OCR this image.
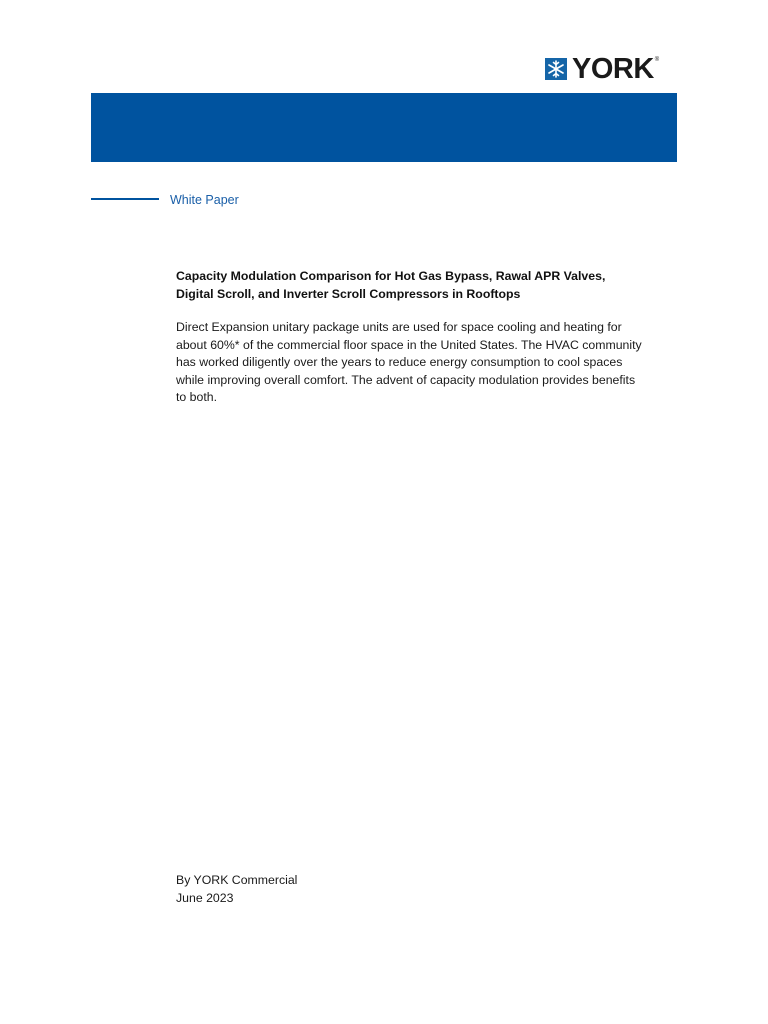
YORK ®
White Paper
Capacity Modulation Comparison for Hot Gas Bypass, Rawal APR Valves, Digital Scroll, and Inverter Scroll Compressors in Rooftops

Direct Expansion unitary package units are used for space cooling and heating for about 60%* of the commercial floor space in the United States. The HVAC community has worked diligently over the years to reduce energy consumption to cool spaces while improving overall comfort. The advent of capacity modulation provides benefits to both.

By YORK Commercial
June 2023
